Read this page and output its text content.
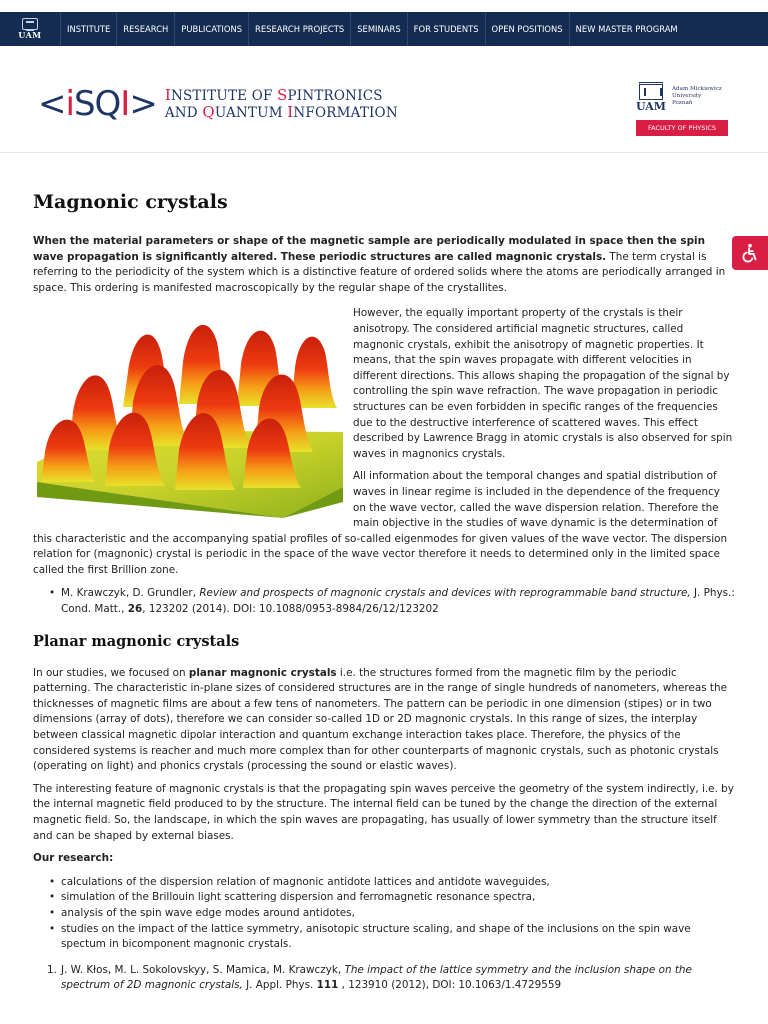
UAM
INSTITUTE	RESEARCH	PUBLICATIONS	RESEARCH PROJECTS	SEMINARS	FOR STUDENTS	OPEN POSITIONS	NEW MASTER PROGRAM
<iSQI> INSTITUTE OF SPINTRONICS
AND QUANTUM INFORMATION	UAM
Adam Mickiewicz
University
Poznań
FACULTY OF PHYSICS
Magnonic crystals

When the material parameters or shape of the magnetic sample are periodically modulated in space then the spin wave propagation is significantly altered. These periodic structures are called magnonic crystals. The term crystal is referring to the periodicity of the system which is a distinctive feature of ordered solids where the atoms are periodically arranged in space. This ordering is manifested macroscopically by the regular shape of the crystallites.

However, the equally important property of the crystals is their anisotropy. The considered artificial magnetic structures, called magnonic crystals, exhibit the anisotropy of magnetic properties. It means, that the spin waves propagate with different velocities in different directions. This allows shaping the propagation of the signal by controlling the spin wave refraction. The wave propagation in periodic structures can be even forbidden in specific ranges of the frequencies due to the destructive interference of scattered waves. This effect described by Lawrence Bragg in atomic crystals is also observed for spin waves in magnonics crystals.

All information about the temporal changes and spatial distribution of waves in linear regime is included in the dependence of the frequency on the wave vector, called the wave dispersion relation. Therefore the main objective in the studies of wave dynamic is the determination of this characteristic and the accompanying spatial profiles of so-called eigenmodes for given values of the wave vector. The dispersion relation for (magnonic) crystal is periodic in the space of the wave vector therefore it needs to determined only in the limited space called the first Brillion zone.

• M. Krawczyk, D. Grundler, Review and prospects of magnonic crystals and devices with reprogrammable band structure, J. Phys.: Cond. Matt., 26, 123202 (2014). DOI: 10.1088/0953-8984/26/12/123202
Planar magnonic crystals

In our studies, we focused on planar magnonic crystals i.e. the structures formed from the magnetic film by the periodic patterning. The characteristic in-plane sizes of considered structures are in the range of single hundreds of nanometers, whereas the thicknesses of magnetic films are about a few tens of nanometers. The pattern can be periodic in one dimension (stipes) or in two dimensions (array of dots), therefore we can consider so-called 1D or 2D magnonic crystals. In this range of sizes, the interplay between classical magnetic dipolar interaction and quantum exchange interaction takes place. Therefore, the physics of the considered systems is reacher and much more complex than for other counterparts of magnonic crystals, such as photonic crystals (operating on light) and phonics crystals (processing the sound or elastic waves).

The interesting feature of magnonic crystals is that the propagating spin waves perceive the geometry of the system indirectly, i.e. by the internal magnetic field produced to by the structure. The internal field can be tuned by the change the direction of the external magnetic field. So, the landscape, in which the spin waves are propagating, has usually of lower symmetry than the structure itself and can be shaped by external biases.

Our research:

• calculations of the dispersion relation of magnonic antidote lattices and antidote waveguides,
• simulation of the Brillouin light scattering dispersion and ferromagnetic resonance spectra,
• analysis of the spin wave edge modes around antidotes,
• studies on the impact of the lattice symmetry, anisotopic structure scaling, and shape of the inclusions on the spin wave spectum in bicomponent magnonic crystals.
1. J. W. Kłos, M. L. Sokolovskyy, S. Mamica, M. Krawczyk, The impact of the lattice symmetry and the inclusion shape on the spectrum of 2D magnonic crystals, J. Appl. Phys. 111 , 123910 (2012), DOI: 10.1063/1.4729559
